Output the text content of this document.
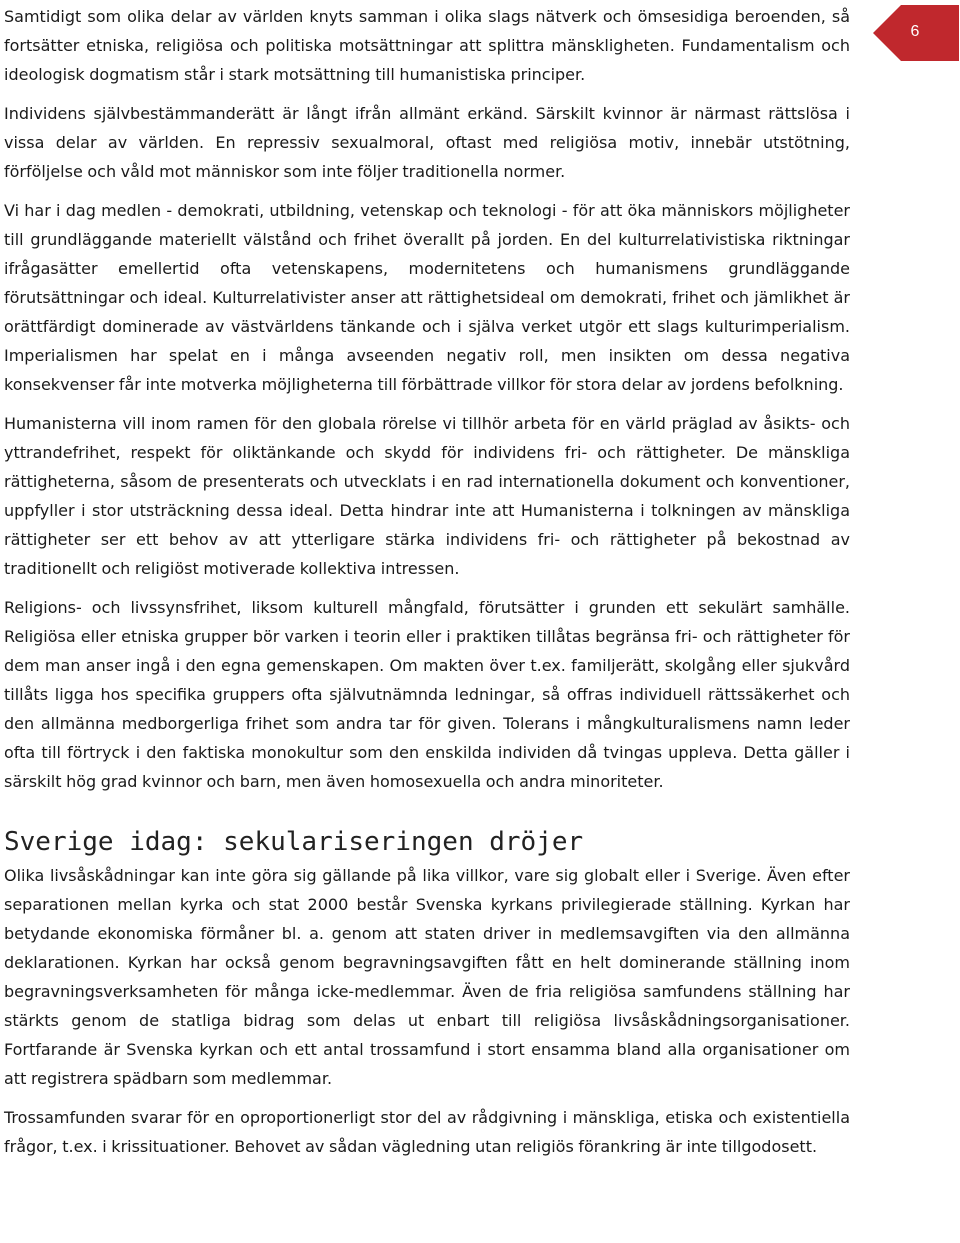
6

Samtidigt som olika delar av världen knyts samman i olika slags nätverk och ömsesidiga beroenden, så fortsätter etniska, religiösa och politiska motsättningar att splittra mänskligheten. Fundamentalism och ideologisk dogmatism står i stark motsättning till humanistiska principer.

Individens självbestämmanderätt är långt ifrån allmänt erkänd. Särskilt kvinnor är närmast rättslösa i vissa delar av världen. En repressiv sexualmoral, oftast med religiösa motiv, innebär utstötning, förföljelse och våld mot människor som inte följer traditionella normer.

Vi har i dag medlen - demokrati, utbildning, vetenskap och teknologi - för att öka människors möjligheter till grundläggande materiellt välstånd och frihet överallt på jorden. En del kulturrelativistiska riktningar ifrågasätter emellertid ofta vetenskapens, modernitetens och humanismens grundläggande förutsättningar och ideal. Kulturrelativister anser att rättighetsideal om demokrati, frihet och jämlikhet är orättfärdigt dominerade av västvärldens tänkande och i själva verket utgör ett slags kulturimperialism. Imperialismen har spelat en i många avseenden negativ roll, men insikten om dessa negativa konsekvenser får inte motverka möjligheterna till förbättrade villkor för stora delar av jordens befolkning.

Humanisterna vill inom ramen för den globala rörelse vi tillhör arbeta för en värld präglad av åsikts- och yttrandefrihet, respekt för oliktänkande och skydd för individens fri- och rättigheter. De mänskliga rättigheterna, såsom de presenterats och utvecklats i en rad internationella dokument och konventioner, uppfyller i stor utsträckning dessa ideal. Detta hindrar inte att Humanisterna i tolkningen av mänskliga rättigheter ser ett behov av att ytterligare stärka individens fri- och rättigheter på bekostnad av traditionellt och religiöst motiverade kollektiva intressen.

Religions- och livssynsfrihet, liksom kulturell mångfald, förutsätter i grunden ett sekulärt samhälle. Religiösa eller etniska grupper bör varken i teorin eller i praktiken tillåtas begränsa fri- och rättigheter för dem man anser ingå i den egna gemenskapen. Om makten över t.ex. familjerätt, skolgång eller sjukvård tillåts ligga hos specifika gruppers ofta självutnämnda ledningar, så offras individuell rättssäkerhet och den allmänna medborgerliga frihet som andra tar för given. Tolerans i mångkulturalismens namn leder ofta till förtryck i den faktiska monokultur som den enskilda individen då tvingas uppleva. Detta gäller i särskilt hög grad kvinnor och barn, men även homosexuella och andra minoriteter.

Sverige idag: sekulariseringen dröjer

Olika livsåskådningar kan inte göra sig gällande på lika villkor, vare sig globalt eller i Sverige. Även efter separationen mellan kyrka och stat 2000 består Svenska kyrkans privilegierade ställning. Kyrkan har betydande ekonomiska förmåner bl. a. genom att staten driver in medlemsavgiften via den allmänna deklarationen. Kyrkan har också genom begravningsavgiften fått en helt dominerande ställning inom begravningsverksamheten för många icke-medlemmar. Även de fria religiösa samfundens ställning har stärkts genom de statliga bidrag som delas ut enbart till religiösa livsåskådningsorganisationer. Fortfarande är Svenska kyrkan och ett antal trossamfund i stort ensamma bland alla organisationer om att registrera spädbarn som medlemmar.

Trossamfunden svarar för en oproportionerligt stor del av rådgivning i mänskliga, etiska och existentiella frågor, t.ex. i krissituationer. Behovet av sådan vägledning utan religiös förankring är inte tillgodosett.
